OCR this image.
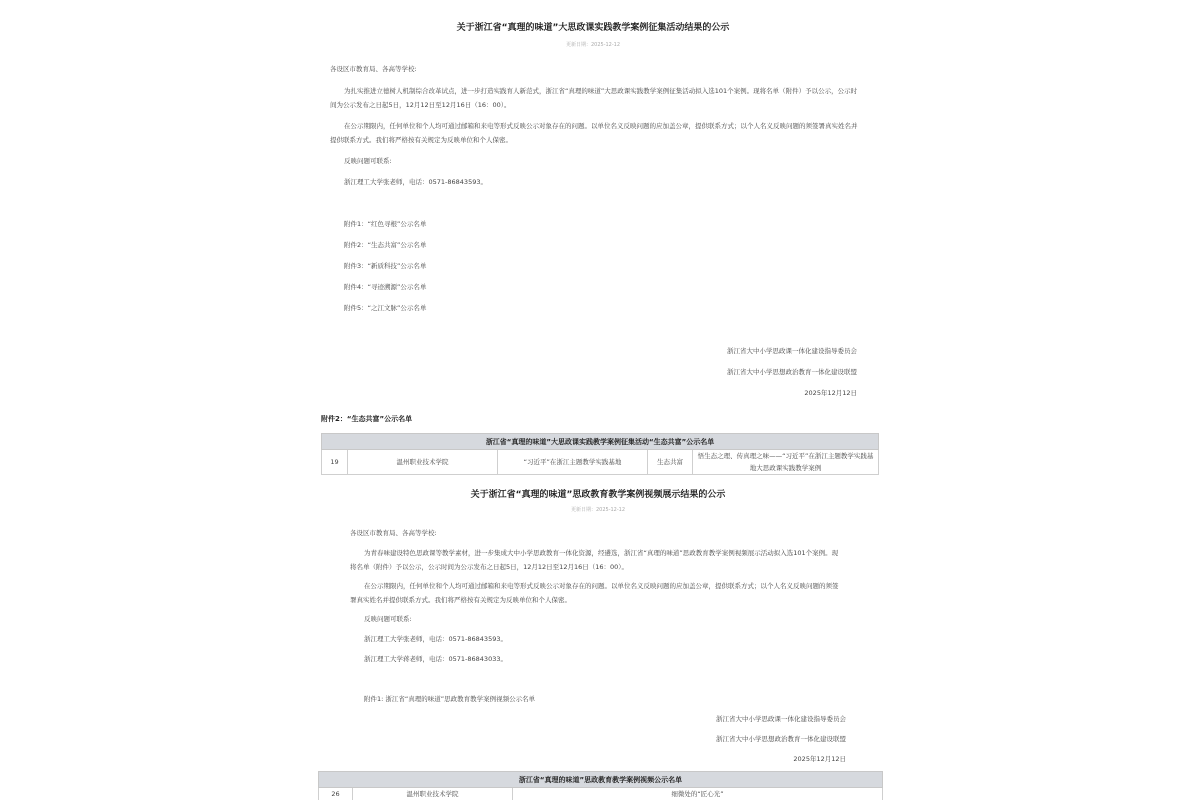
关于浙江省“真理的味道”大思政课实践教学案例征集活动结果的公示
更新日期：2025-12-12
各设区市教育局、各高等学校:
为扎实推进立德树人机制综合改革试点，进一步打造实践育人新范式，浙江省“真理的味道”大思政课实践教学案例征集活动拟入选101个案例。现将名单（附件）予以公示，公示时间为公示发布之日起5日，12月12日至12月16日（16：00）。
在公示期限内，任何单位和个人均可通过邮箱和来电等形式反映公示对象存在的问题。以单位名义反映问题的应加盖公章，提供联系方式；以个人名义反映问题的须签署真实姓名并提供联系方式。我们将严格按有关规定为反映单位和个人保密。
反映问题可联系:
浙江理工大学张老师，电话：0571-86843593。
附件1：“红色寻根”公示名单
附件2：“生态共富”公示名单
附件3：“新质科技”公示名单
附件4：“寻迹溯源”公示名单
附件5：“之江文脉”公示名单
浙江省大中小学思政课一体化建设指导委员会
浙江省大中小学思想政治教育一体化建设联盟
2025年12月12日
附件2：“生态共富”公示名单
浙江省“真理的味道”大思政课实践教学案例征集活动“生态共富”公示名单
19	温州职业技术学院	“习近平”在浙江主题教学实践基地	生态共富	悟生态之理、传真理之味——“习近平”在浙江主题教学实践基地大思政课实践教学案例
关于浙江省“真理的味道”思政教育教学案例视频展示结果的公示
更新日期：2025-12-12
各设区市教育局、各高等学校:
为青春味建设特色思政课等教学素材，进一步集成大中小学思政教育一体化资源，经遴选，浙江省“真理的味道”思政教育教学案例视频展示活动拟入选101个案例。现将名单（附件）予以公示，公示时间为公示发布之日起5日，12月12日至12月16日（16：00）。
在公示期限内，任何单位和个人均可通过邮箱和来电等形式反映公示对象存在的问题。以单位名义反映问题的应加盖公章，提供联系方式；以个人名义反映问题的须签署真实姓名并提供联系方式。我们将严格按有关规定为反映单位和个人保密。
反映问题可联系:
浙江理工大学张老师，电话：0571-86843593。
浙江理工大学蒋老师，电话：0571-86843033。
附件1: 浙江省“真理的味道”思政教育教学案例视频公示名单
浙江省大中小学思政课一体化建设指导委员会
浙江省大中小学思想政治教育一体化建设联盟
2025年12月12日
浙江省“真理的味道”思政教育教学案例视频公示名单
26	温州职业技术学院	细微处的“匠心光”
